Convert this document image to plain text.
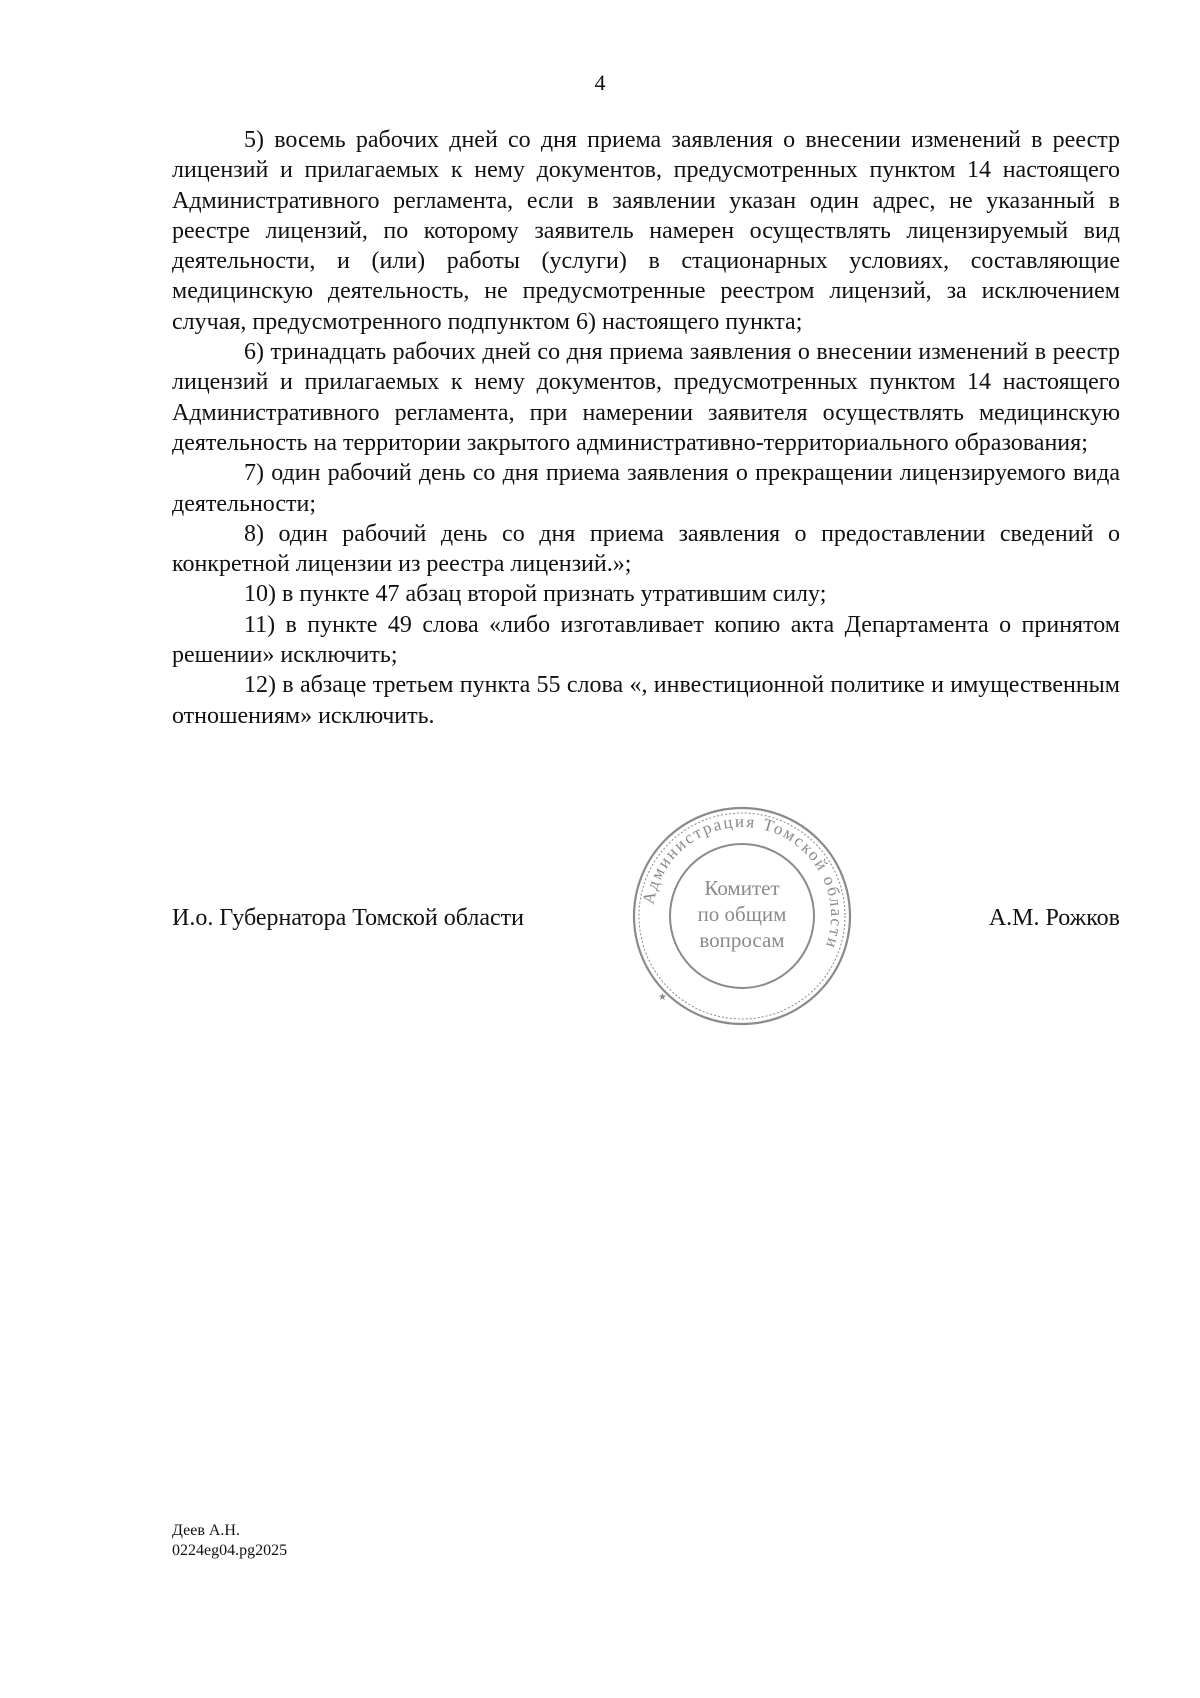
4

5) восемь рабочих дней со дня приема заявления о внесении изменений в реестр лицензий и прилагаемых к нему документов, предусмотренных пунктом 14 настоящего Административного регламента, если в заявлении указан один адрес, не указанный в реестре лицензий, по которому заявитель намерен осуществлять лицензируемый вид деятельности, и (или) работы (услуги) в стационарных условиях, составляющие медицинскую деятельность, не предусмотренные реестром лицензий, за исключением случая, предусмотренного подпунктом 6) настоящего пункта;

6) тринадцать рабочих дней со дня приема заявления о внесении изменений в реестр лицензий и прилагаемых к нему документов, предусмотренных пунктом 14 настоящего Административного регламента, при намерении заявителя осуществлять медицинскую деятельность на территории закрытого административно-территориального образования;

7) один рабочий день со дня приема заявления о прекращении лицензируемого вида деятельности;

8) один рабочий день со дня приема заявления о предоставлении сведений о конкретной лицензии из реестра лицензий.»;

10) в пункте 47 абзац второй признать утратившим силу;

11) в пункте 49 слова «либо изготавливает копию акта Департамента о принятом решении» исключить;

12) в абзаце третьем пункта 55 слова «, инвестиционной политике и имущественным отношениям» исключить.

Администрация Томской области
Комитет
по общим
вопросам
★
И.о. Губернатора Томской области	А.М. Рожков
Деев А.Н.
0224eg04.pg2025
